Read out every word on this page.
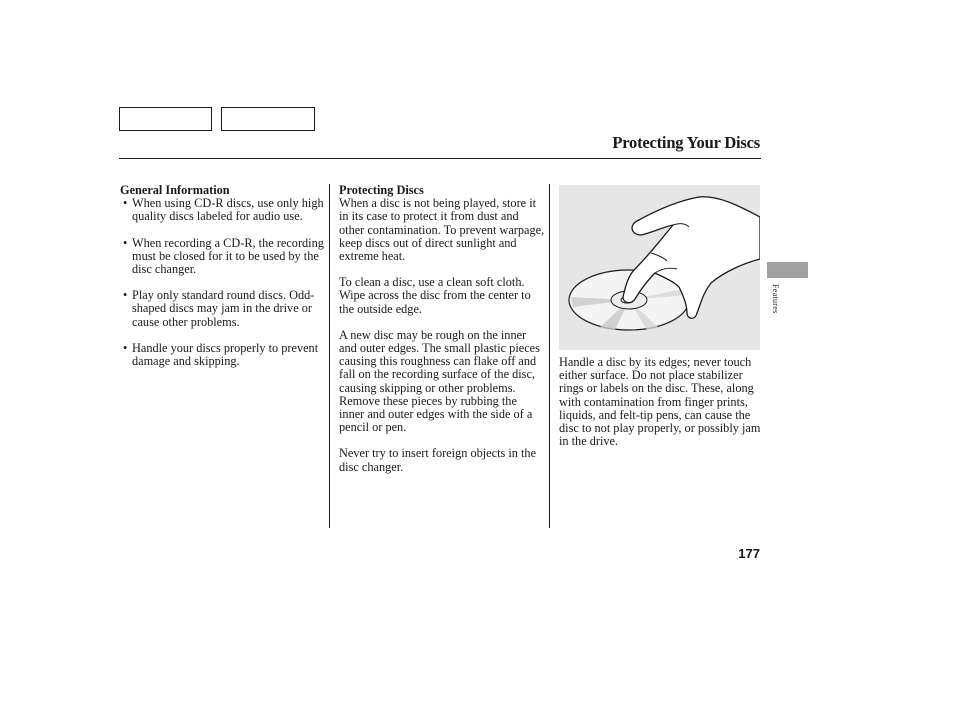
Protecting Your Discs
General Information
• When using CD-R discs, use only high quality discs labeled for audio use.
• When recording a CD-R, the recording must be closed for it to be used by the disc changer.
• Play only standard round discs. Odd-shaped discs may jam in the drive or cause other problems.
• Handle your discs properly to prevent damage and skipping.
Protecting Discs

When a disc is not being played, store it in its case to protect it from dust and other contamination. To prevent warpage, keep discs out of direct sunlight and extreme heat.

To clean a disc, use a clean soft cloth. Wipe across the disc from the center to the outside edge.

A new disc may be rough on the inner and outer edges. The small plastic pieces causing this roughness can flake off and fall on the recording surface of the disc, causing skipping or other problems. Remove these pieces by rubbing the inner and outer edges with the side of a pencil or pen.

Never try to insert foreign objects in the disc changer.

Handle a disc by its edges; never touch either surface. Do not place stabilizer rings or labels on the disc. These, along with contamination from finger prints, liquids, and felt-tip pens, can cause the disc to not play properly, or possibly jam in the drive.

Features
177
